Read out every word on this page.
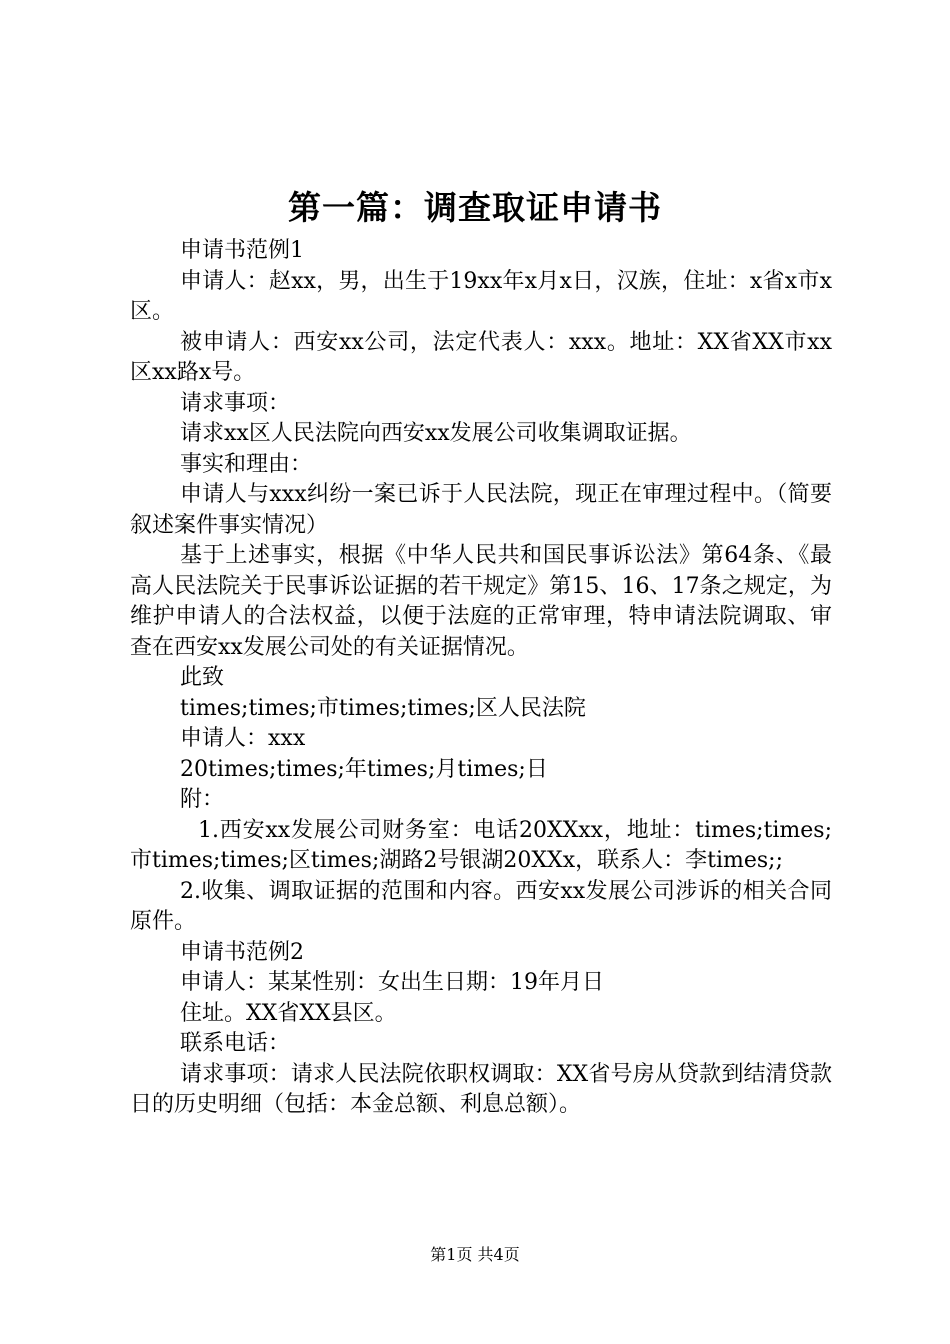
第一篇：调查取证申请书

申请书范例1

申请人：赵xx，男，出生于19xx年x月x日，汉族，住址：x省x市x区。

被申请人：西安xx公司，法定代表人：xxx。地址：XX省XX市xx区xx路x号。

请求事项：

请求xx区人民法院向西安xx发展公司收集调取证据。

事实和理由：

申请人与xxx纠纷一案已诉于人民法院，现正在审理过程中。（简要叙述案件事实情况）

基于上述事实，根据《中华人民共和国民事诉讼法》第64条、《最高人民法院关于民事诉讼证据的若干规定》第15、16、17条之规定，为维护申请人的合法权益，以便于法庭的正常审理，特申请法院调取、审查在西安xx发展公司处的有关证据情况。

此致

times;times;市times;times;区人民法院

申请人：xxx

20times;times;年times;月times;日

附：

1.西安xx发展公司财务室：电话20XXxx，地址：times;times;市times;times;区times;湖路2号银湖20XXx，联系人：李times;;

2.收集、调取证据的范围和内容。西安xx发展公司涉诉的相关合同原件。

申请书范例2

申请人：某某性别：女出生日期：19年月日

住址。XX省XX县区。

联系电话：

请求事项：请求人民法院依职权调取：XX省号房从贷款到结清贷款日的历史明细（包括：本金总额、利息总额）。

第1页 共4页
